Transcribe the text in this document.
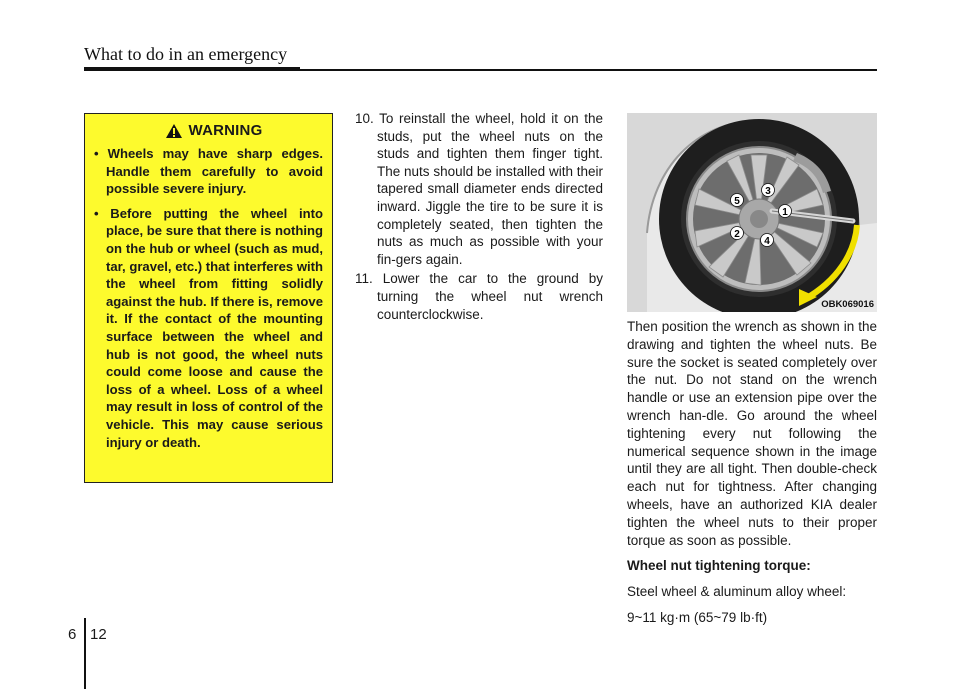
What to do in an emergency
WARNING
• Wheels may have sharp edges. Handle them carefully to avoid possible severe injury.
• Before putting the wheel into place, be sure that there is nothing on the hub or wheel (such as mud, tar, gravel, etc.) that interferes with the wheel from fitting solidly against the hub. If there is, remove it. If the contact of the mounting surface between the wheel and hub is not good, the wheel nuts could come loose and cause the loss of a wheel. Loss of a wheel may result in loss of control of the vehicle. This may cause serious injury or death.
10. To reinstall the wheel, hold it on the studs, put the wheel nuts on the studs and tighten them finger tight. The nuts should be installed with their tapered small diameter ends directed inward. Jiggle the tire to be sure it is completely seated, then tighten the nuts as much as possible with your fin-gers again.
11. Lower the car to the ground by turning the wheel nut wrench counterclockwise.
1
2
3
4
5
OBK069016

Then position the wrench as shown in the drawing and tighten the wheel nuts. Be sure the socket is seated completely over the nut. Do not stand on the wrench handle or use an extension pipe over the wrench han-dle. Go around the wheel tightening every nut following the numerical sequence shown in the image until they are all tight. Then double-check each nut for tightness. After changing wheels, have an authorized KIA dealer tighten the wheel nuts to their proper torque as soon as possible.

Wheel nut tightening torque:

Steel wheel & aluminum alloy wheel:

9~11 kg·m (65~79 lb·ft)

6 12
